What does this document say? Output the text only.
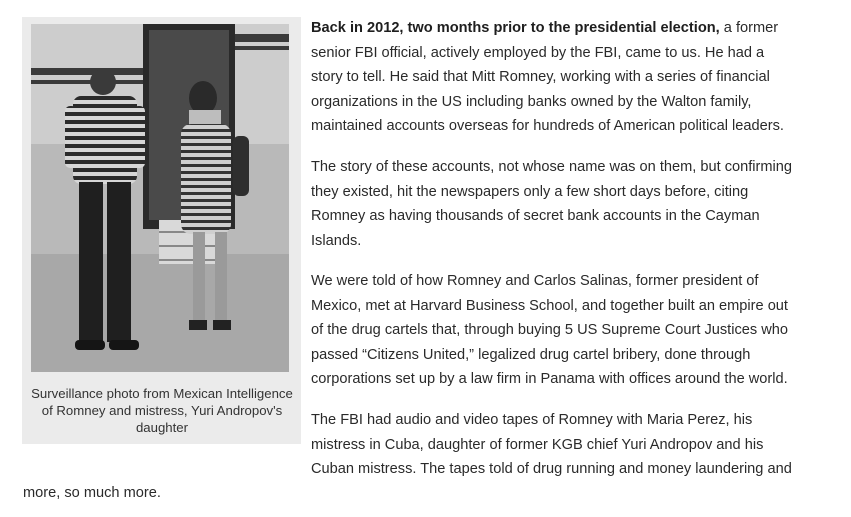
Surveillance photo from Mexican Intelligence
of Romney and mistress, Yuri Andropov's
daughter

Back in 2012, two months prior to the presidential election, a former
senior FBI official, actively employed by the FBI, came to us. He had a
story to tell. He said that Mitt Romney, working with a series of financial
organizations in the US including banks owned by the Walton family,
maintained accounts overseas for hundreds of American political leaders.

The story of these accounts, not whose name was on them, but confirming
they existed, hit the newspapers only a few short days before, citing
Romney as having thousands of secret bank accounts in the Cayman
Islands.

We were told of how Romney and Carlos Salinas, former president of
Mexico, met at Harvard Business School, and together built an empire out
of the drug cartels that, through buying 5 US Supreme Court Justices who
passed “Citizens United,” legalized drug cartel bribery, done through
corporations set up by a law firm in Panama with offices around the world.

The FBI had audio and video tapes of Romney with Maria Perez, his
mistress in Cuba, daughter of former KGB chief Yuri Andropov and his
Cuban mistress. The tapes told of drug running and money laundering and

more, so much more.
